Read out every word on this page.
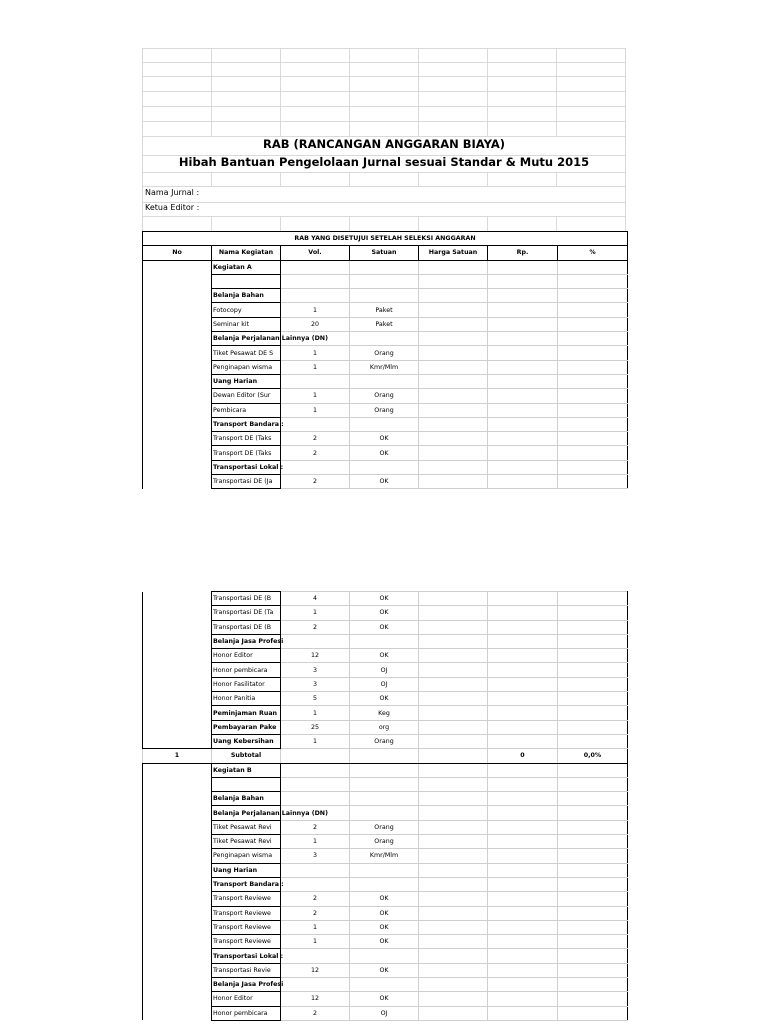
RAB (RANCANGAN ANGGARAN BIAYA)
Hibah Bantuan Pengelolaan Jurnal sesuai Standar & Mutu 2015
Nama Jurnal :
Ketua Editor :
RAB YANG DISETUJUI SETELAH SELEKSI ANGGARAN						
No	Nama Kegiatan	Vol.	Satuan	Harga Satuan	Rp.	%
	Kegiatan A					

	Belanja Bahan					
	Fotocopy	1	Paket			
	Seminar kit	20	Paket			
	Belanja Perjalanan Lainnya (DN)					
	Tiket Pesawat DE S	1	Orang			
	Penginapan wisma	1	Kmr/Mlm			
	Uang Harian					
	Dewan Editor (Sur	1	Orang			
	Pembicara	1	Orang			
	Transport Bandara :					
	Transport DE (Taks	2	OK			
	Transport DE (Taks	2	OK			
	Transportasi Lokal :					
	Transportasi DE (Ja	2	OK			
	Transportasi DE (B	4	OK			
	Transportasi DE (Ta	1	OK			
	Transportasi DE (B	2	OK			
	Belanja Jasa Profesi					
	Honor Editor	12	OK			
	Honor pembicara	3	OJ			
	Honor Fasilitator	3	OJ			
	Honor Panitia	5	OK			
	Peminjaman Ruan	1	Keg			
	Pembayaran Pake	25	org			
	Uang Kebersihan	1	Orang			
1	Subtotal				0	0,0%
	Kegiatan B					

	Belanja Bahan					
	Belanja Perjalanan Lainnya (DN)					
	Tiket Pesawat Revi	2	Orang			
	Tiket Pesawat Revi	1	Orang			
	Penginapan wisma	3	Kmr/Mlm			
	Uang Harian					
	Transport Bandara :					
	Transport Reviewe	2	OK			
	Transport Reviewe	2	OK			
	Transport Reviewe	1	OK			
	Transport Reviewe	1	OK			
	Transportasi Lokal :					
	Transportasi Revie	12	OK			
	Belanja Jasa Profesi					
	Honor Editor	12	OK			
	Honor pembicara	2	OJ			
